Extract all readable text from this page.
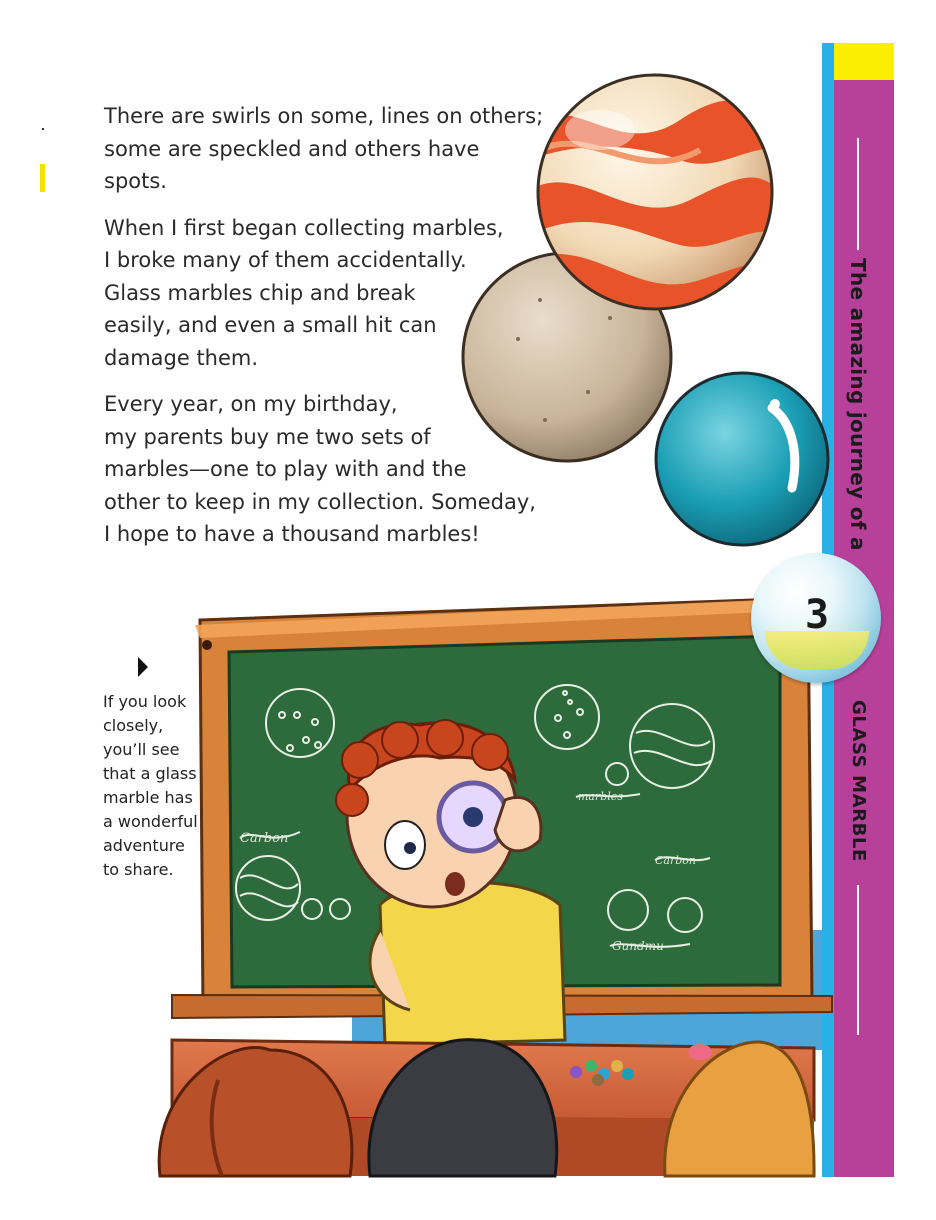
The amazing journey of a
GLASS MARBLE
3

There are swirls on some, lines on others;
some are speckled and others have
spots.

When I first began collecting marbles,
I broke many of them accidentally.
Glass marbles chip and break
easily, and even a small hit can
damage them.

Every year, on my birthday,
my parents buy me two sets of
marbles—one to play with and the
other to keep in my collection. Someday,
I hope to have a thousand marbles!

If you look
closely,
you’ll see
that a glass
marble has
a wonderful
adventure
to share.
marbles
Carbon
Carbon
Gundmu
